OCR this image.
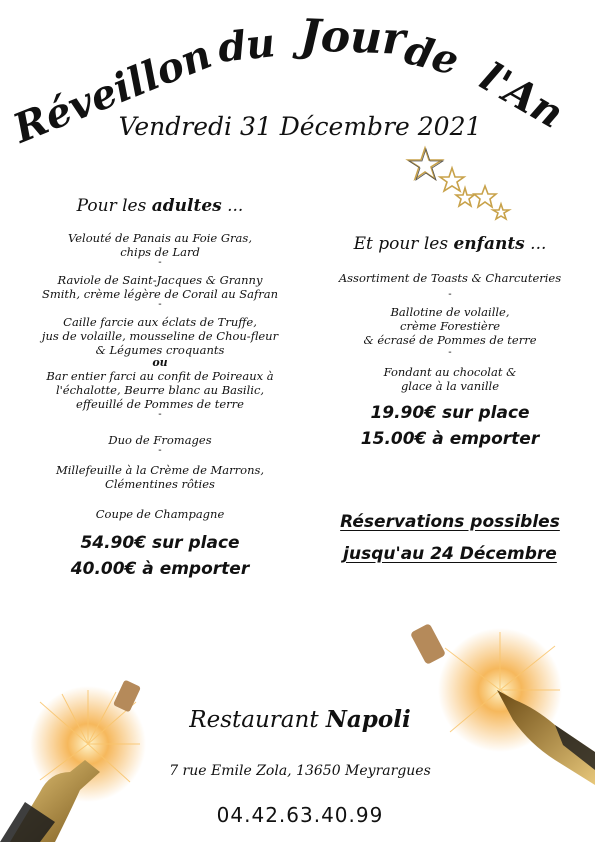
Réveillon
du Jour
de l'An
Vendredi 31 Décembre 2021
Pour les adultes ...
Velouté de Panais au Foie Gras,
chips de Lard
-
Raviole de Saint-Jacques & Granny
Smith, crème légère de Corail au Safran
-
Caille farcie aux éclats de Truffe,
jus de volaille, mousseline de Chou-fleur
& Légumes croquants
ou
Bar entier farci au confit de Poireaux à
l'échalotte, Beurre blanc au Basilic,
effeuillé de Pommes de terre
-
Duo de Fromages
-
Millefeuille à la Crème de Marrons,
Clémentines rôties
Coupe de Champagne
54.90€ sur place
40.00€ à emporter
Et pour les enfants ...
Assortiment de Toasts & Charcuteries
-
Ballotine de volaille,
crème Forestière
& écrasé de Pommes de terre
-
Fondant au chocolat &
glace à la vanille
19.90€ sur place
15.00€ à emporter
Réservations possibles
jusqu'au 24 Décembre
Restaurant Napoli
7 rue Emile Zola, 13650 Meyrargues
04.42.63.40.99
